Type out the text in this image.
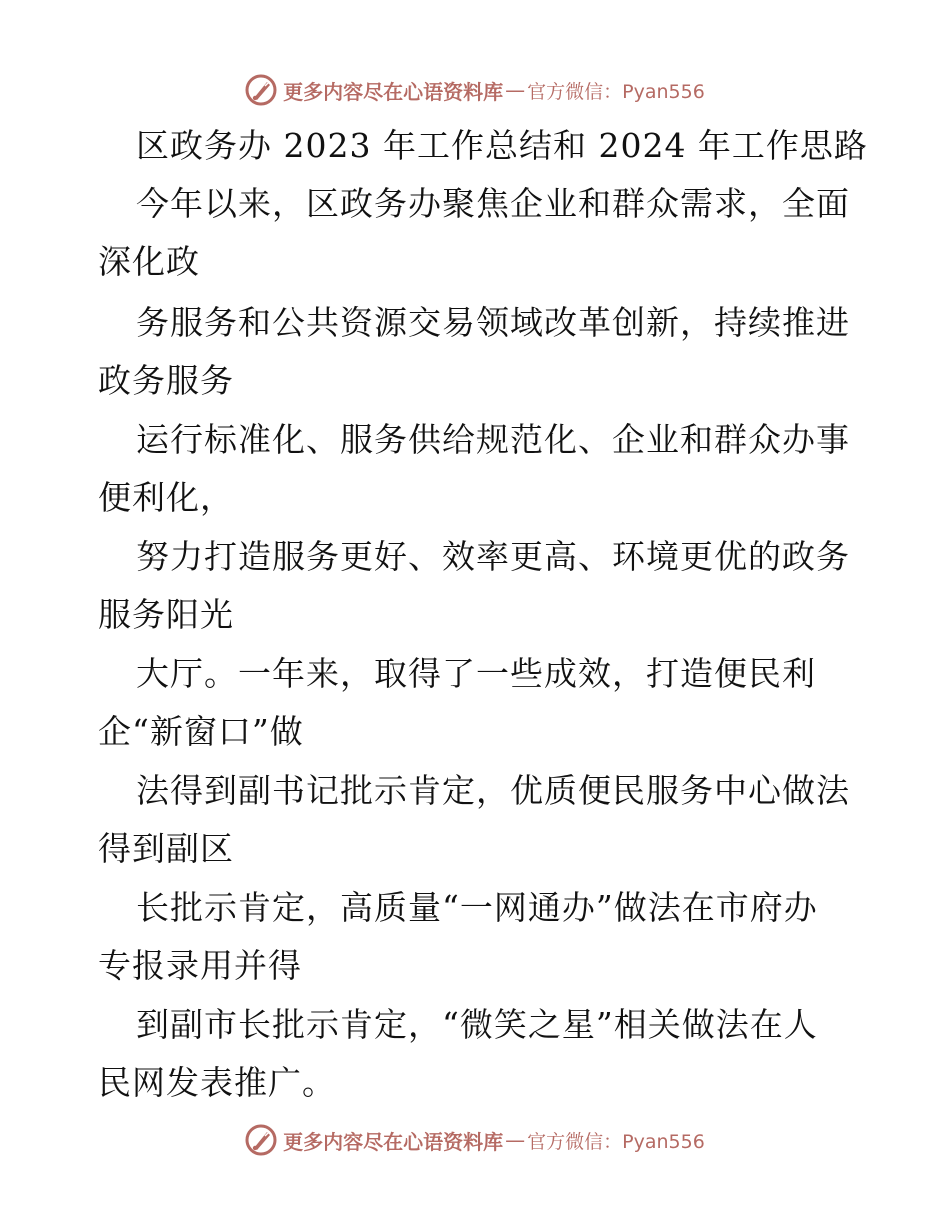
更多内容尽在心语资料库 — 官方微信：Pyan556
区政务办 2023 年工作总结和 2024 年工作思路
今年以来，区政务办聚焦企业和群众需求，全面
深化政
务服务和公共资源交易领域改革创新，持续推进
政务服务
运行标准化、服务供给规范化、企业和群众办事
便利化，
努力打造服务更好、效率更高、环境更优的政务
服务阳光
大厅。一年来，取得了一些成效，打造便民利
企“新窗口”做
法得到副书记批示肯定，优质便民服务中心做法
得到副区
长批示肯定，高质量“一网通办”做法在市府办
专报录用并得
到副市长批示肯定，“微笑之星”相关做法在人
民网发表推广。
更多内容尽在心语资料库 — 官方微信：Pyan556
